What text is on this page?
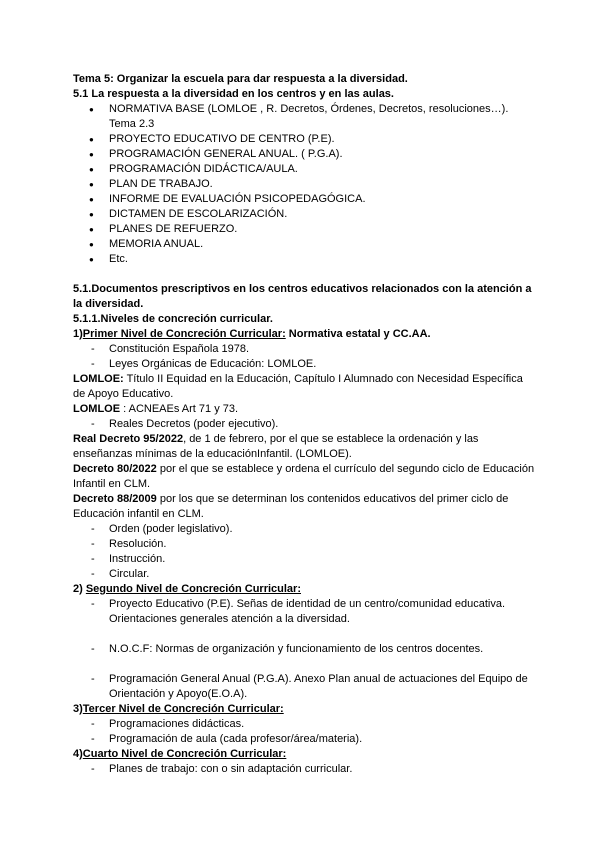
Tema 5: Organizar la escuela para dar respuesta a la diversidad.

5.1 La respuesta a la diversidad en los centros y en las aulas.

● NORMATIVA BASE (LOMLOE , R. Decretos, Órdenes, Decretos, resoluciones…). Tema 2.3
● PROYECTO EDUCATIVO DE CENTRO (P.E).
● PROGRAMACIÓN GENERAL ANUAL. ( P.G.A).
● PROGRAMACIÓN DIDÁCTICA/AULA.
● PLAN DE TRABAJO.
● INFORME DE EVALUACIÓN PSICOPEDAGÓGICA.
● DICTAMEN DE ESCOLARIZACIÓN.
● PLANES DE REFUERZO.
● MEMORIA ANUAL.
● Etc.

5.1.Documentos prescriptivos en los centros educativos relacionados con la atención a la diversidad.

5.1.1.Niveles de concreción curricular.

1)Primer Nivel de Concreción Curricular: Normativa estatal y CC.AA.

- Constitución Española 1978.
- Leyes Orgánicas de Educación: LOMLOE.

LOMLOE: Título II Equidad en la Educación, Capítulo I Alumnado con Necesidad Específica de Apoyo Educativo.

LOMLOE : ACNEAEs Art 71 y 73.

- Reales Decretos (poder ejecutivo).

Real Decreto 95/2022, de 1 de febrero, por el que se establece la ordenación y las enseñanzas mínimas de la educaciónInfantil. (LOMLOE).

Decreto 80/2022 por el que se establece y ordena el currículo del segundo ciclo de Educación Infantil en CLM.

Decreto 88/2009 por los que se determinan los contenidos educativos del primer ciclo de Educación infantil en CLM.

- Orden (poder legislativo).
- Resolución.
- Instrucción.
- Circular.

2) Segundo Nivel de Concreción Curricular:

- Proyecto Educativo (P.E). Señas de identidad de un centro/comunidad educativa. Orientaciones generales atención a la diversidad.
- N.O.C.F: Normas de organización y funcionamiento de los centros docentes.
- Programación General Anual (P.G.A). Anexo Plan anual de actuaciones del Equipo de Orientación y Apoyo(E.O.A).

3)Tercer Nivel de Concreción Curricular:

- Programaciones didácticas.
- Programación de aula (cada profesor/área/materia).

4)Cuarto Nivel de Concreción Curricular:

- Planes de trabajo: con o sin adaptación curricular.
